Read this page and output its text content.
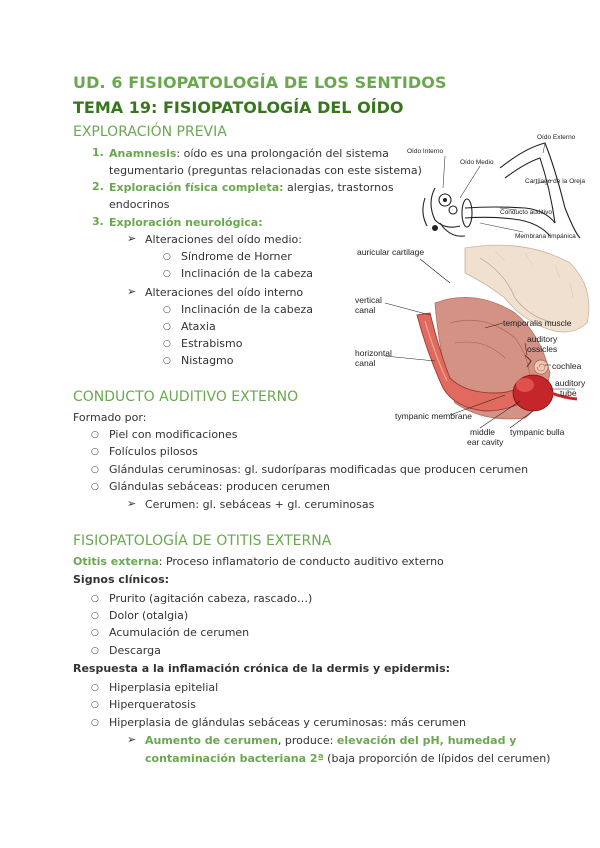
UD. 6 FISIOPATOLOGÍA DE LOS SENTIDOS
TEMA 19: FISIOPATOLOGÍA DEL OÍDO
EXPLORACIÓN PREVIA
1. Anamnesis: oído es una prolongación del sistema
tegumentario (preguntas relacionadas con este sistema)
2. Exploración física completa: alergias, trastornos
endocrinos
3. Exploración neurológica:
➢ Alteraciones del oído medio:
○ Síndrome de Horner
○ Inclinación de la cabeza
➢ Alteraciones del oído interno
○ Inclinación de la cabeza
○ Ataxia
○ Estrabismo
○ Nistagmo
CONDUCTO AUDITIVO EXTERNO
Formado por:
○ Piel con modificaciones
○ Folículos pilosos
○ Glándulas ceruminosas: gl. sudoríparas modificadas que producen cerumen
○ Glándulas sebáceas: producen cerumen
➢ Cerumen: gl. sebáceas + gl. ceruminosas
FISIOPATOLOGÍA DE OTITIS EXTERNA
Otitis externa: Proceso inflamatorio de conducto auditivo externo
Signos clínicos:
○ Prurito (agitación cabeza, rascado…)
○ Dolor (otalgia)
○ Acumulación de cerumen
○ Descarga
Respuesta a la inflamación crónica de la dermis y epidermis:
○ Hiperplasia epitelial
○ Hiperqueratosis
○ Hiperplasia de glándulas sebáceas y ceruminosas: más cerumen
➢ Aumento de cerumen, produce: elevación del pH, humedad y
contaminación bacteriana 2ª (baja proporción de lípidos del cerumen)
Oído Externo
Oído Interno
Oído Medio
Cartílago de la Oreja
Conducto auditivo
Membrana timpánica
auricular cartilage
vertical canal
temporalis muscle
auditory ossicles
horizontal canal	cochlea
auditory tube
tympanic membrane
middle ear cavity
tympanic bulla
